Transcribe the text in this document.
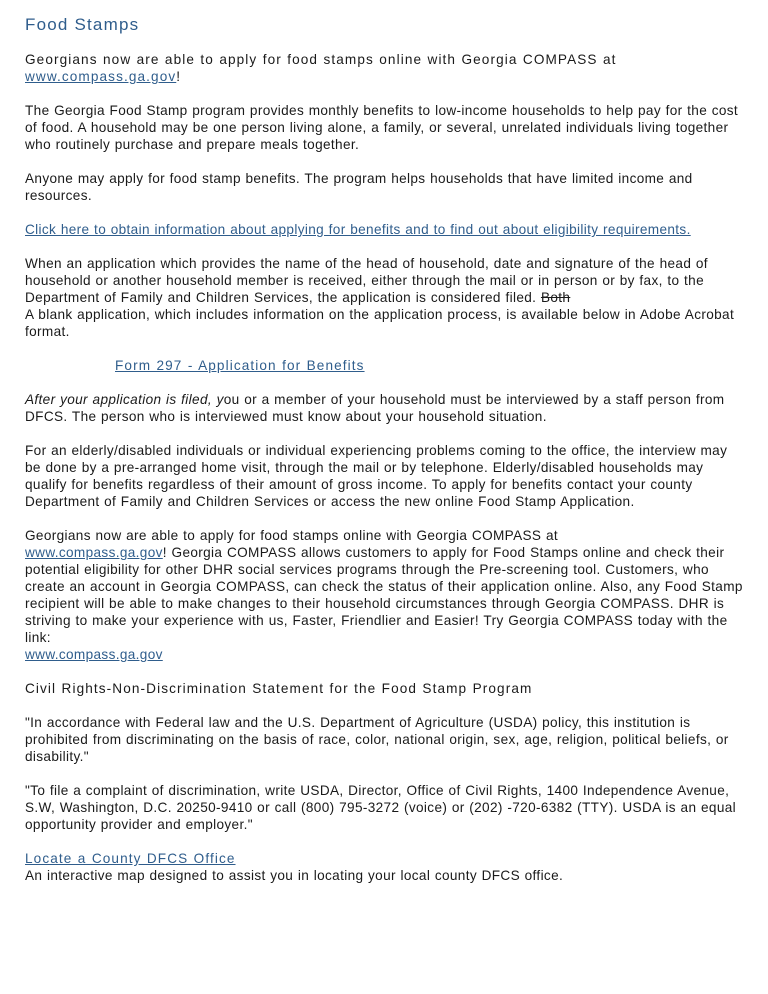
Food Stamps

Georgians now are able to apply for food stamps online with Georgia COMPASS at
www.compass.ga.gov!

The Georgia Food Stamp program provides monthly benefits to low-income households to help pay for the cost of food. A household may be one person living alone, a family, or several, unrelated individuals living together who routinely purchase and prepare meals together.

Anyone may apply for food stamp benefits. The program helps households that have limited income and resources.

Click here to obtain information about applying for benefits and to find out about eligibility requirements.

When an application which provides the name of the head of household, date and signature of the head of household or another household member is received, either through the mail or in person or by fax, to the Department of Family and Children Services, the application is considered filed. Both
A blank application, which includes information on the application process, is available below in Adobe Acrobat format.

Form 297 - Application for Benefits

After your application is filed, you or a member of your household must be interviewed by a staff person from DFCS. The person who is interviewed must know about your household situation.

For an elderly/disabled individuals or individual experiencing problems coming to the office, the interview may be done by a pre-arranged home visit, through the mail or by telephone. Elderly/disabled households may qualify for benefits regardless of their amount of gross income. To apply for benefits contact your county Department of Family and Children Services or access the new online Food Stamp Application.

Georgians now are able to apply for food stamps online with Georgia COMPASS at
www.compass.ga.gov! Georgia COMPASS allows customers to apply for Food Stamps online and check their potential eligibility for other DHR social services programs through the Pre-screening tool. Customers, who create an account in Georgia COMPASS, can check the status of their application online. Also, any Food Stamp recipient will be able to make changes to their household circumstances through Georgia COMPASS. DHR is striving to make your experience with us, Faster, Friendlier and Easier! Try Georgia COMPASS today with the link:
www.compass.ga.gov

Civil Rights-Non-Discrimination Statement for the Food Stamp Program

"In accordance with Federal law and the U.S. Department of Agriculture (USDA) policy, this institution is prohibited from discriminating on the basis of race, color, national origin, sex, age, religion, political beliefs, or disability."

"To file a complaint of discrimination, write USDA, Director, Office of Civil Rights, 1400 Independence Avenue, S.W, Washington, D.C. 20250-9410 or call (800) 795-3272 (voice) or (202) -720-6382 (TTY). USDA is an equal opportunity provider and employer."

Locate a County DFCS Office
An interactive map designed to assist you in locating your local county DFCS office.
